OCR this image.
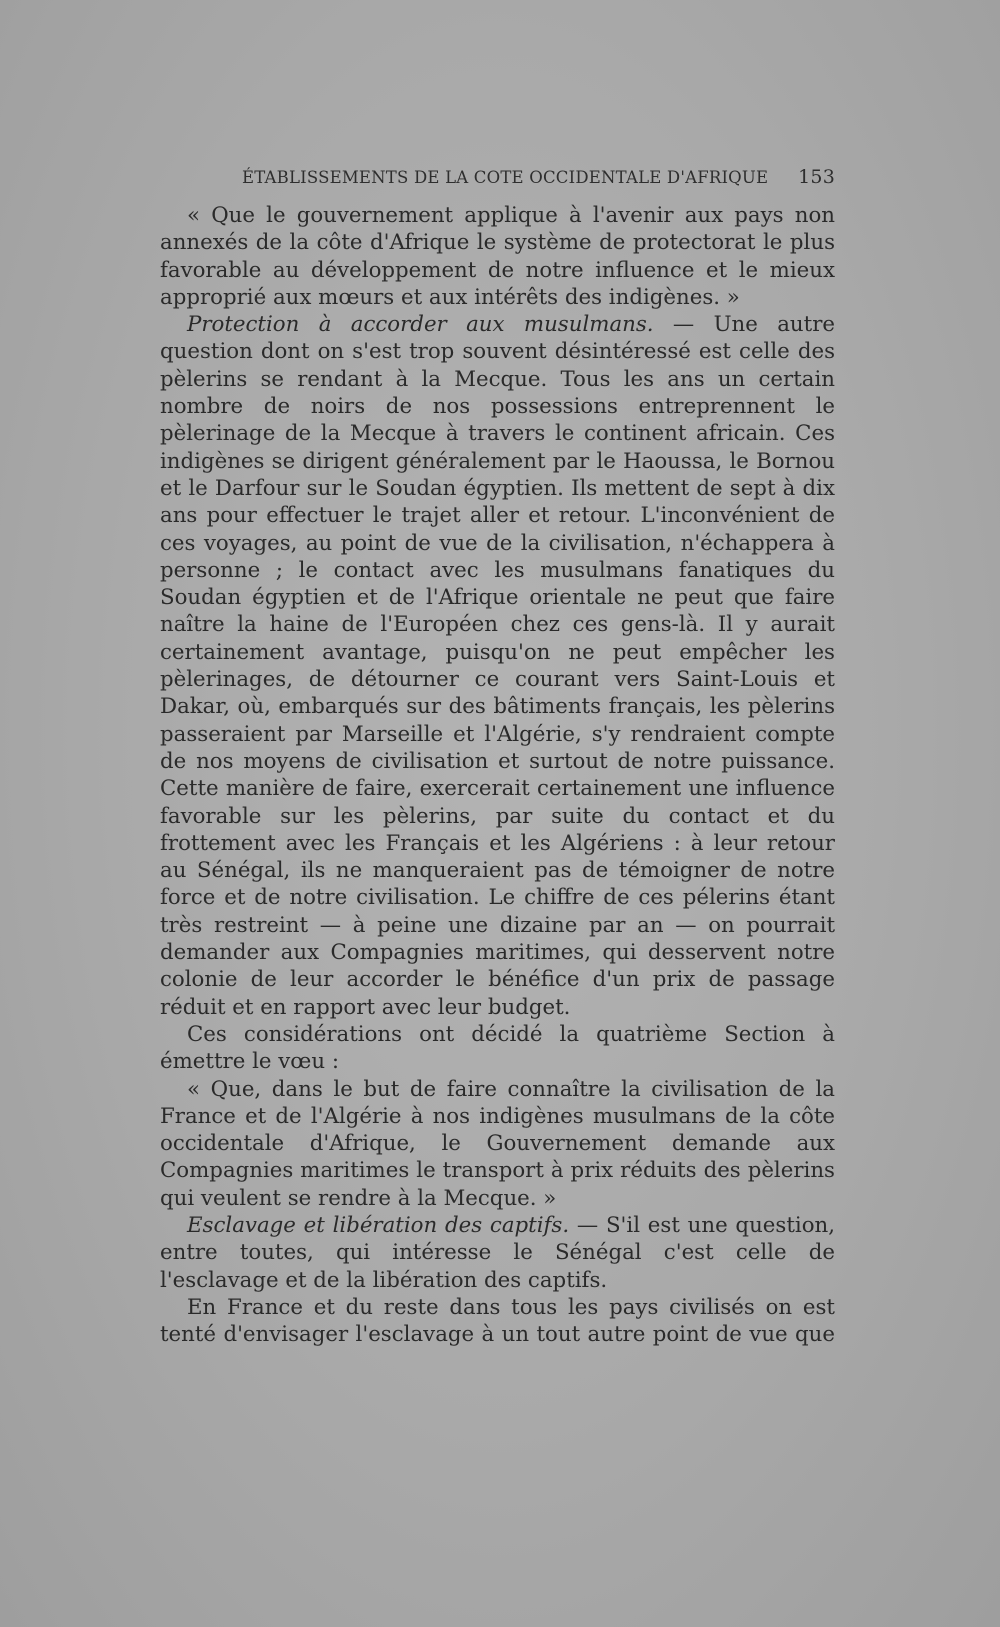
ÉTABLISSEMENTS DE LA COTE OCCIDENTALE D'AFRIQUE 153

« Que le gouvernement applique à l'avenir aux pays non annexés de la côte d'Afrique le système de protectorat le plus favorable au développement de notre influence et le mieux approprié aux mœurs et aux intérêts des indigènes. »

Protection à accorder aux musulmans. — Une autre question dont on s'est trop souvent désintéressé est celle des pèlerins se rendant à la Mecque. Tous les ans un certain nombre de noirs de nos possessions entreprennent le pèlerinage de la Mecque à travers le continent africain. Ces indigènes se dirigent généralement par le Haoussa, le Bornou et le Darfour sur le Soudan égyptien. Ils mettent de sept à dix ans pour effectuer le trajet aller et retour. L'inconvénient de ces voyages, au point de vue de la civilisation, n'échappera à personne ; le contact avec les musulmans fanatiques du Soudan égyptien et de l'Afrique orientale ne peut que faire naître la haine de l'Européen chez ces gens-là. Il y aurait certainement avantage, puisqu'on ne peut empêcher les pèlerinages, de détourner ce courant vers Saint-Louis et Dakar, où, embarqués sur des bâtiments français, les pèlerins passeraient par Marseille et l'Algérie, s'y rendraient compte de nos moyens de civilisation et surtout de notre puissance. Cette manière de faire, exercerait certainement une influence favorable sur les pèlerins, par suite du contact et du frottement avec les Français et les Algériens : à leur retour au Sénégal, ils ne manqueraient pas de témoigner de notre force et de notre civilisation. Le chiffre de ces pélerins étant très restreint — à peine une dizaine par an — on pourrait demander aux Compagnies maritimes, qui desservent notre colonie de leur accorder le bénéfice d'un prix de passage réduit et en rapport avec leur budget.

Ces considérations ont décidé la quatrième Section à émettre le vœu :

« Que, dans le but de faire connaître la civilisation de la France et de l'Algérie à nos indigènes musulmans de la côte occidentale d'Afrique, le Gouvernement demande aux Compagnies maritimes le transport à prix réduits des pèlerins qui veulent se rendre à la Mecque. »

Esclavage et libération des captifs. — S'il est une question, entre toutes, qui intéresse le Sénégal c'est celle de l'esclavage et de la libération des captifs.

En France et du reste dans tous les pays civilisés on est tenté d'envisager l'esclavage à un tout autre point de vue que
